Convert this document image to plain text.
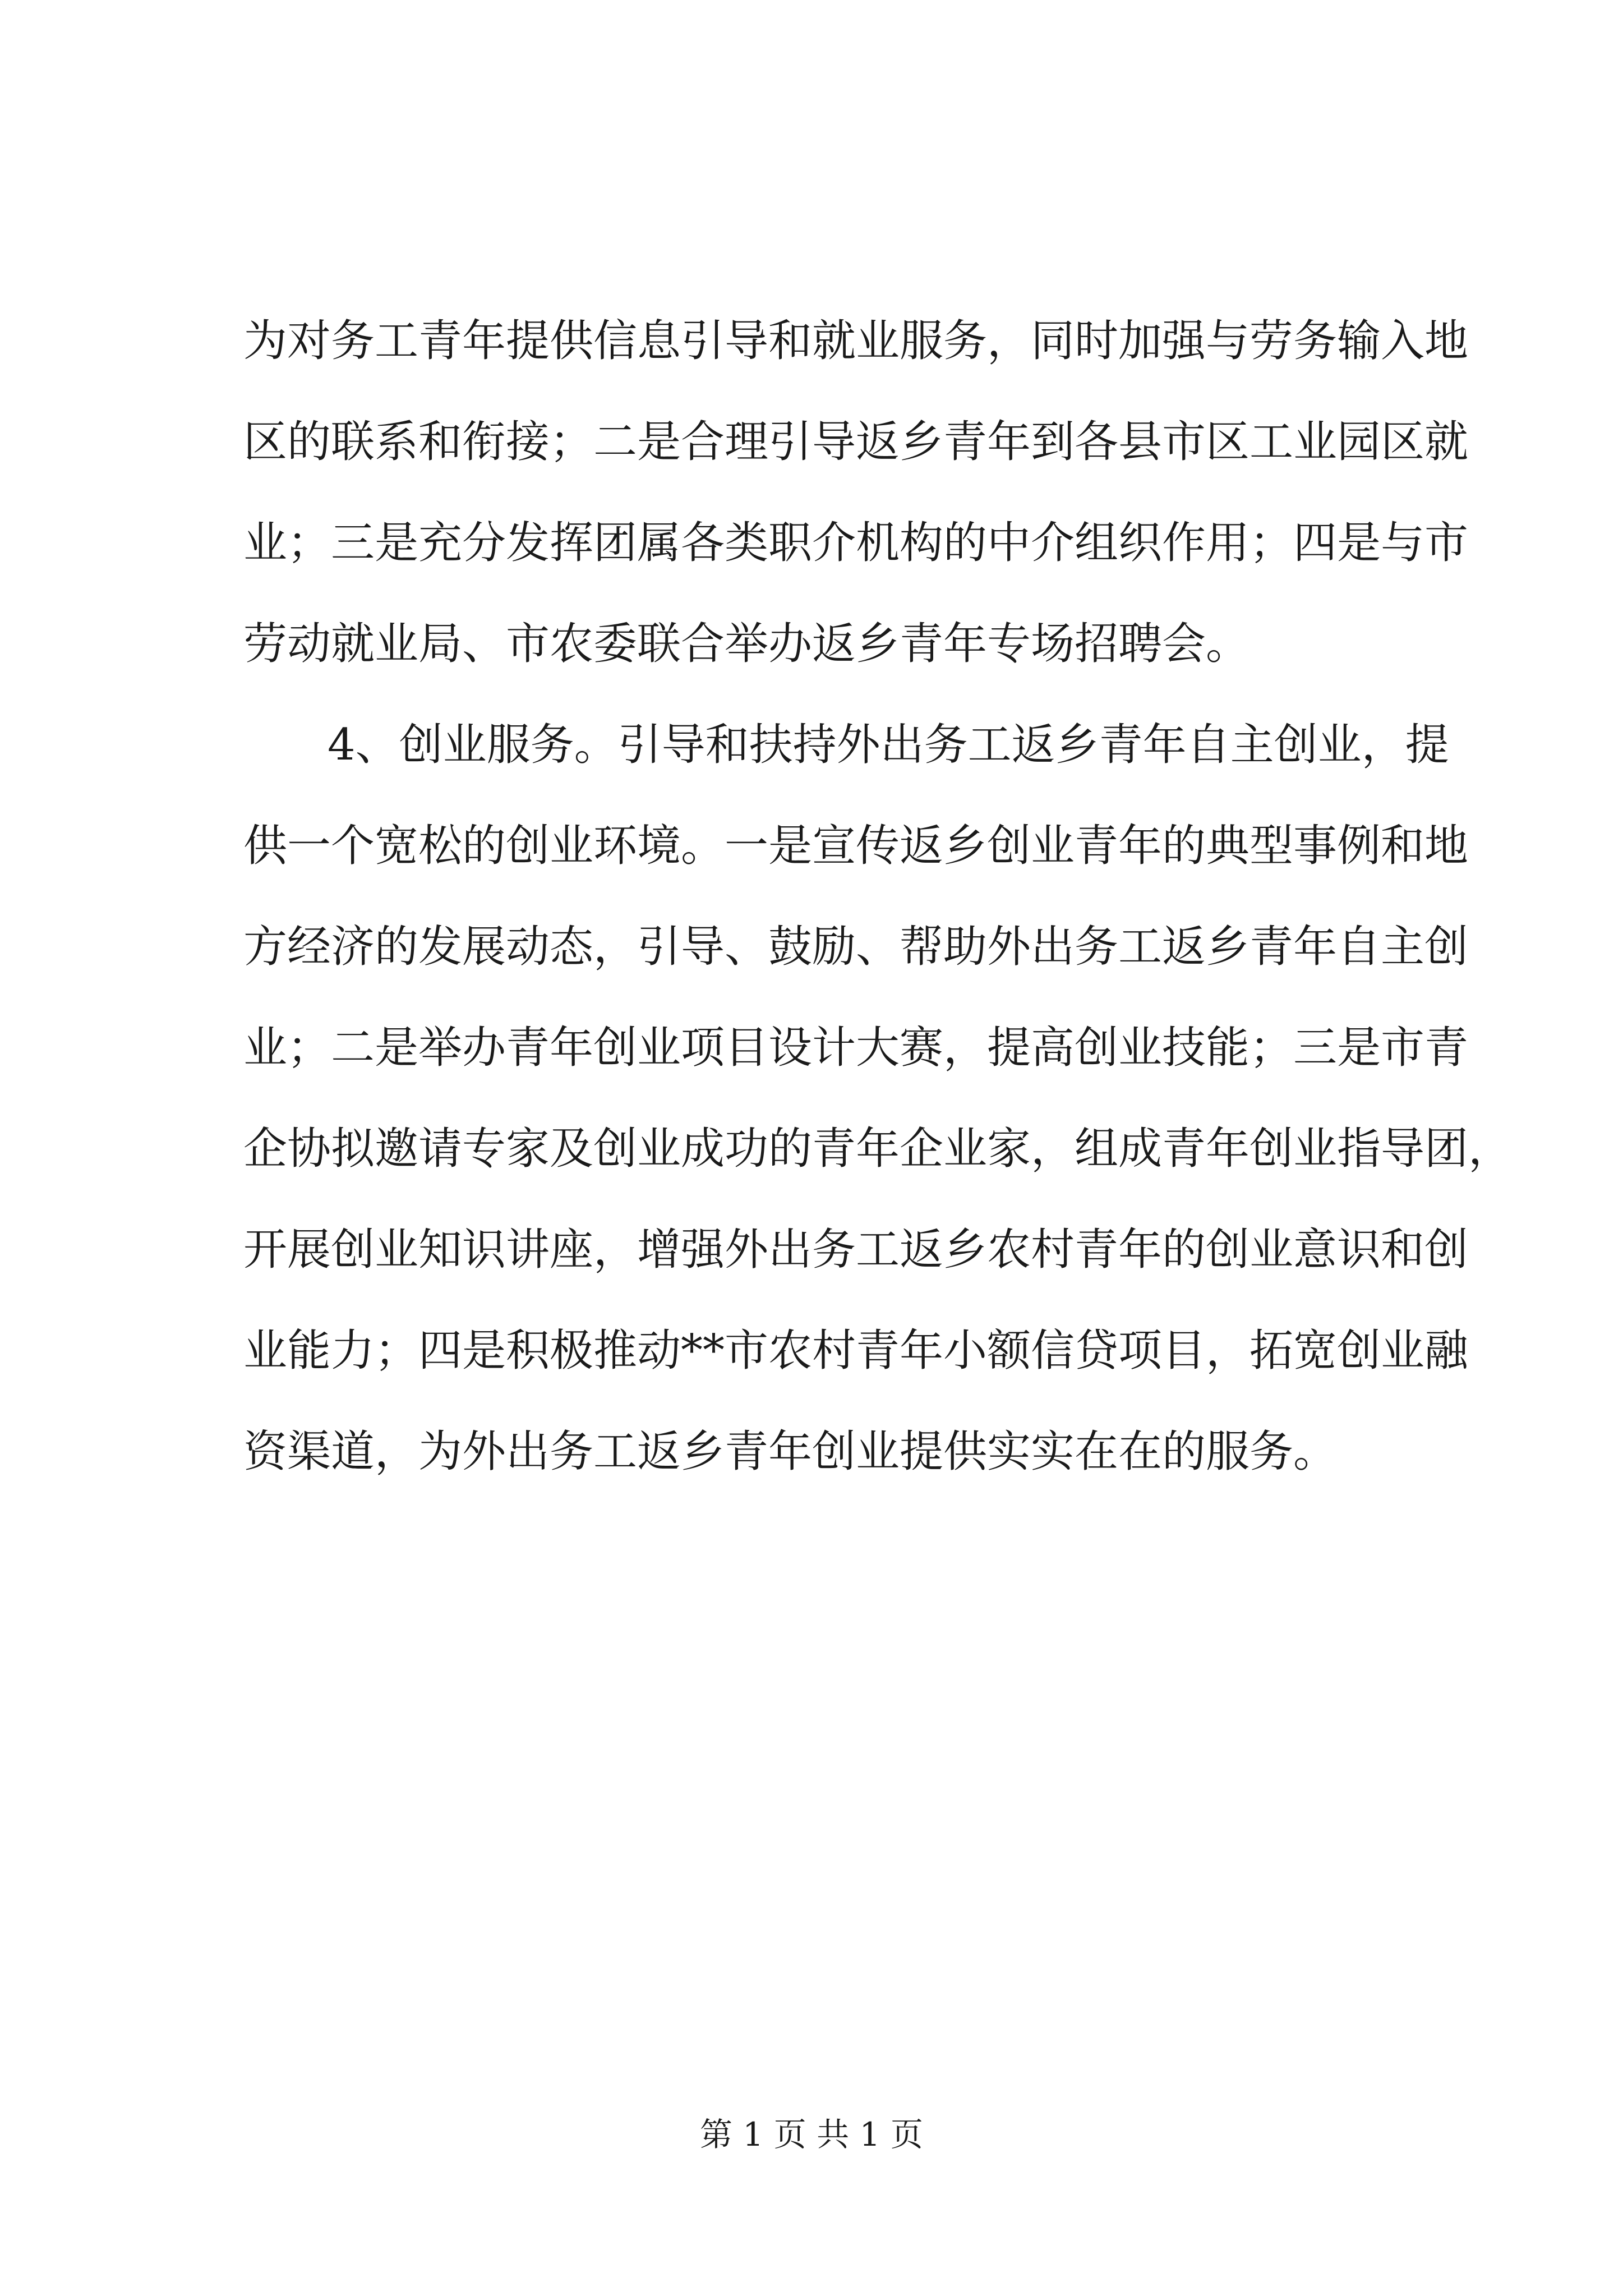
为对务工青年提供信息引导和就业服务，同时加强与劳务输入地
区的联系和衔接；二是合理引导返乡青年到各县市区工业园区就
业；三是充分发挥团属各类职介机构的中介组织作用；四是与市
劳动就业局、市农委联合举办返乡青年专场招聘会。
4、创业服务。引导和扶持外出务工返乡青年自主创业，提
供一个宽松的创业环境。一是宣传返乡创业青年的典型事例和地
方经济的发展动态，引导、鼓励、帮助外出务工返乡青年自主创
业；二是举办青年创业项目设计大赛，提高创业技能；三是市青
企协拟邀请专家及创业成功的青年企业家，组成青年创业指导团，
开展创业知识讲座，增强外出务工返乡农村青年的创业意识和创
业能力；四是积极推动**市农村青年小额信贷项目，拓宽创业融
资渠道，为外出务工返乡青年创业提供实实在在的服务。
第 1 页 共 1 页
